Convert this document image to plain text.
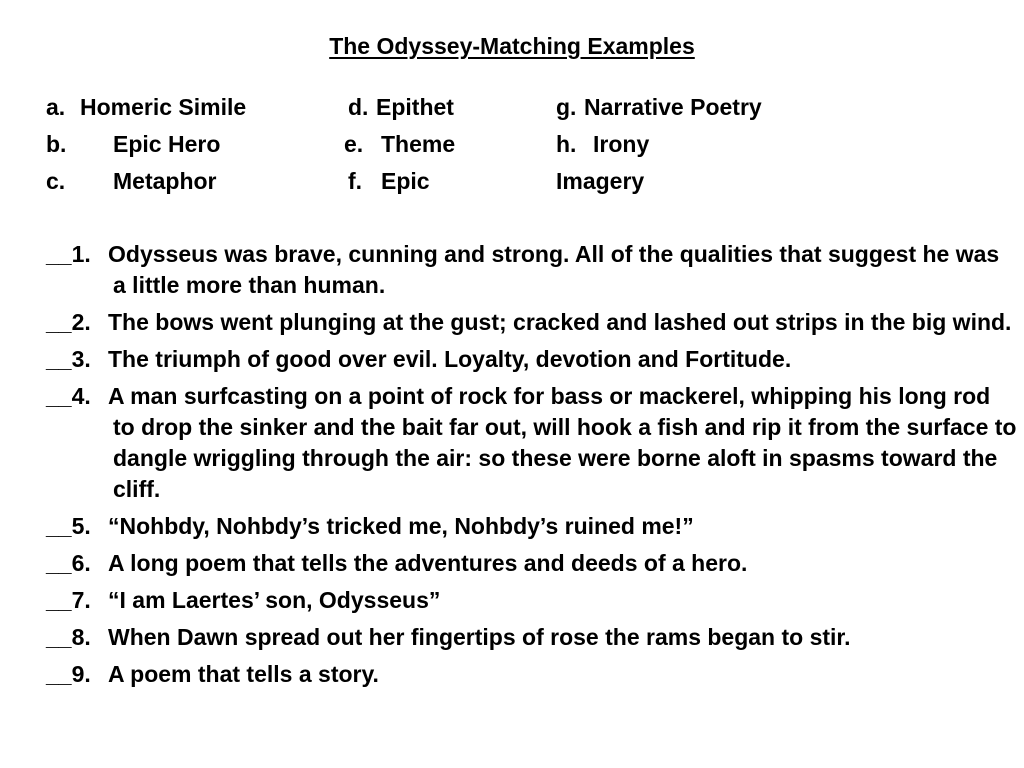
The Odyssey-Matching Examples
a. Homeric Simile	d. Epithet	g. Narrative Poetry
b. Epic Hero	e. Theme	h. Irony
c. Metaphor	f. Epic	Imagery
__1. Odysseus was brave, cunning and strong. All of the qualities that suggest he was a little more than human.
__2. The bows went plunging at the gust; cracked and lashed out strips in the big wind.
__3. The triumph of good over evil. Loyalty, devotion and Fortitude.
__4. A man surfcasting on a point of rock for bass or mackerel, whipping his long rod to drop the sinker and the bait far out, will hook a fish and rip it from the surface to dangle wriggling through the air: so these were borne aloft in spasms toward the cliff.
__5. “Nohbdy, Nohbdy’s tricked me, Nohbdy’s ruined me!”
__6. A long poem that tells the adventures and deeds of a hero.
__7. “I am Laertes’ son, Odysseus”
__8. When Dawn spread out her fingertips of rose the rams began to stir.
__9. A poem that tells a story.
